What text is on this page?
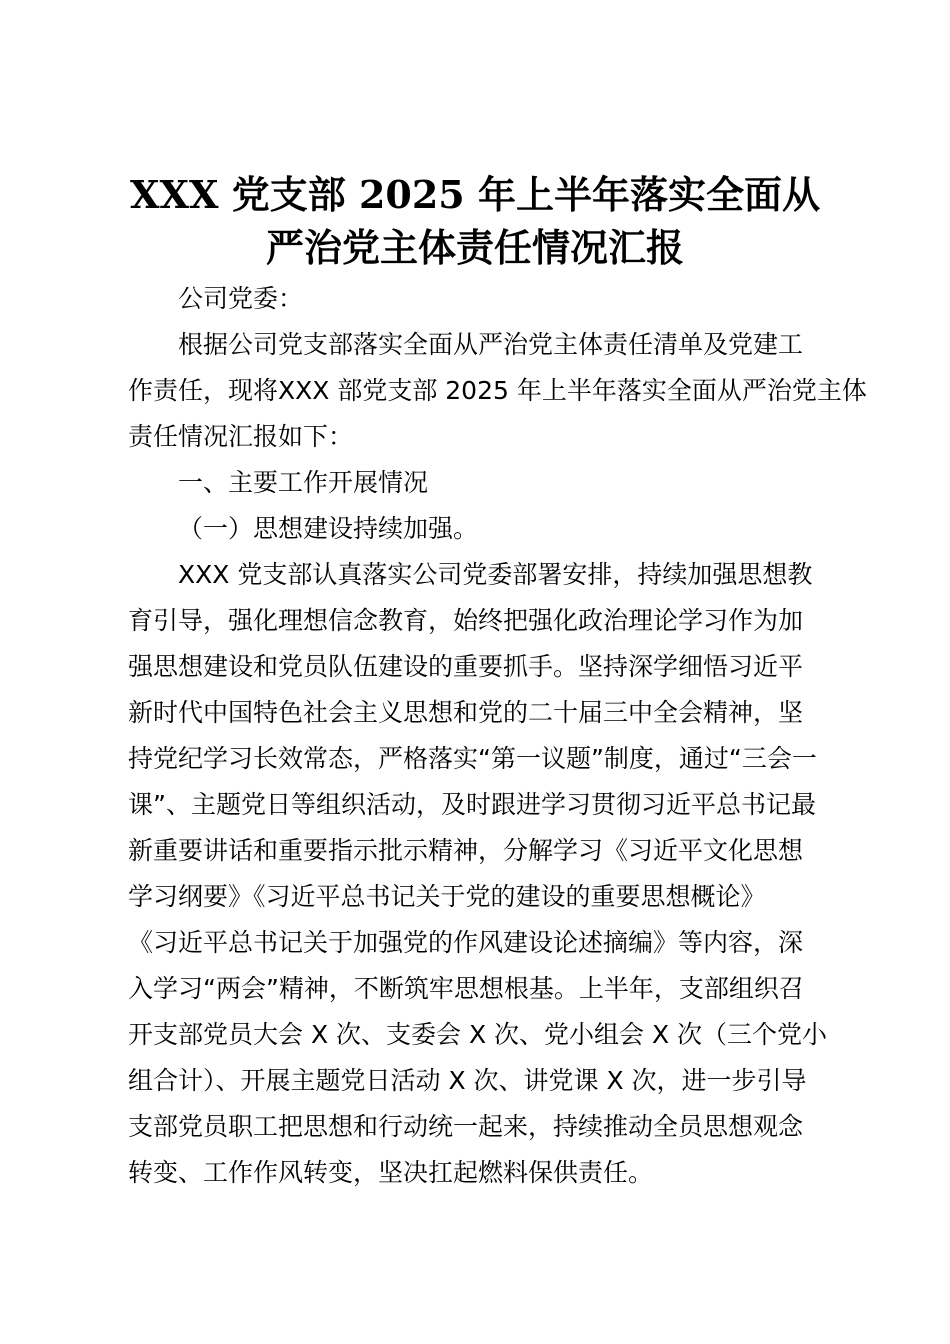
XXX 党支部 2025 年上半年落实全面从
严治党主体责任情况汇报

公司党委：

根据公司党支部落实全面从严治党主体责任清单及党建工

作责任，现将XXX 部党支部 2025 年上半年落实全面从严治党主体

责任情况汇报如下：

一、主要工作开展情况

（一）思想建设持续加强。

XXX 党支部认真落实公司党委部署安排，持续加强思想教

育引导，强化理想信念教育，始终把强化政治理论学习作为加

强思想建设和党员队伍建设的重要抓手。坚持深学细悟习近平

新时代中国特色社会主义思想和党的二十届三中全会精神，坚

持党纪学习长效常态，严格落实“第一议题”制度，通过“三会一

课”、主题党日等组织活动，及时跟进学习贯彻习近平总书记最

新重要讲话和重要指示批示精神，分解学习《习近平文化思想

学习纲要》《习近平总书记关于党的建设的重要思想概论》

《习近平总书记关于加强党的作风建设论述摘编》等内容，深

入学习“两会”精神，不断筑牢思想根基。上半年，支部组织召

开支部党员大会 X 次、支委会 X 次、党小组会 X 次（三个党小

组合计）、开展主题党日活动 X 次、讲党课 X 次，进一步引导

支部党员职工把思想和行动统一起来，持续推动全员思想观念

转变、工作作风转变，坚决扛起燃料保供责任。
